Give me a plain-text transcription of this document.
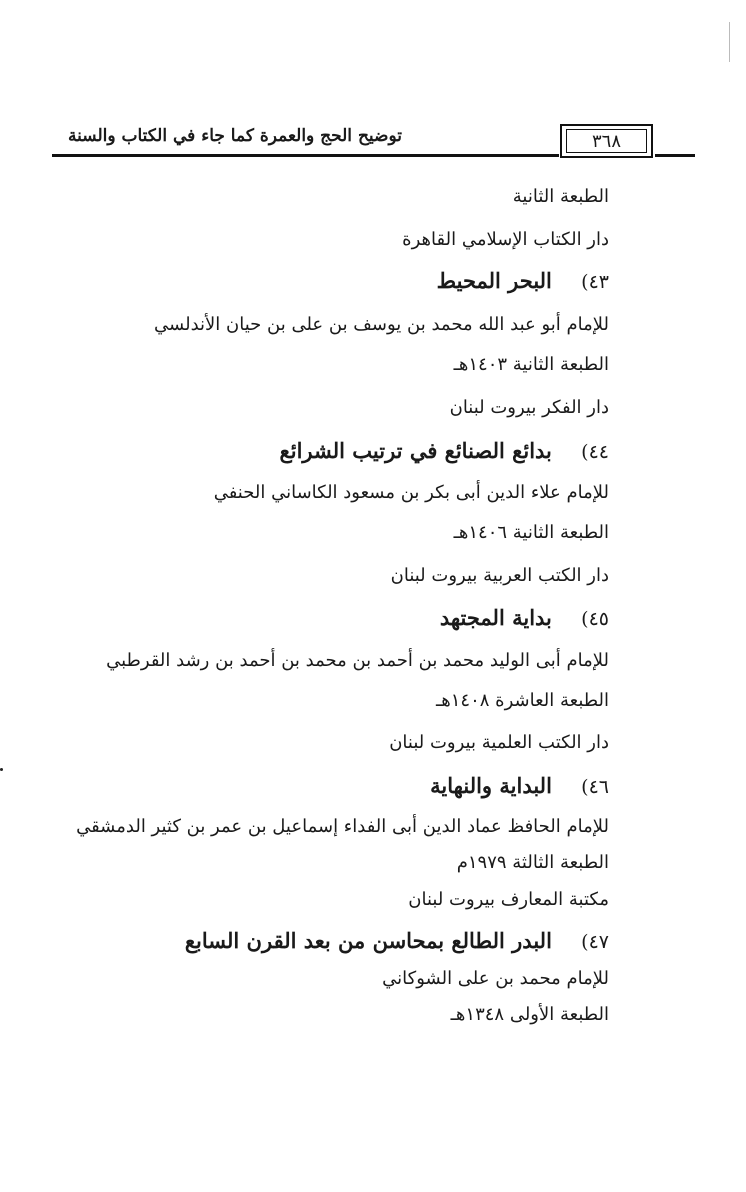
توضيح الحج والعمرة كما جاء في الكتاب والسنة	٣٦٨
الطبعة الثانية
دار الكتاب الإسلامي القاهرة
٤٣)    البحر المحيط
للإمام أبو عبد الله محمد بن يوسف بن على بن حيان الأندلسي
الطبعة الثانية ١٤٠٣هـ
دار الفكر بيروت لبنان
٤٤)    بدائع الصنائع في ترتيب الشرائع
للإمام علاء الدين أبى بكر بن مسعود الكاساني الحنفي
الطبعة الثانية ١٤٠٦هـ
دار الكتب العربية بيروت لبنان
٤٥)    بداية المجتهد
للإمام أبى الوليد محمد بن أحمد بن محمد بن أحمد بن رشد القرطبي
الطبعة العاشرة ١٤٠٨هـ
دار الكتب العلمية بيروت لبنان
٤٦)    البداية والنهاية
للإمام الحافظ عماد الدين أبى الفداء إسماعيل بن عمر بن كثير الدمشقي
الطبعة الثالثة ١٩٧٩م
مكتبة المعارف بيروت لبنان
٤٧)    البدر الطالع بمحاسن من بعد القرن السابع
للإمام محمد بن على الشوكاني
الطبعة الأولى ١٣٤٨هـ
